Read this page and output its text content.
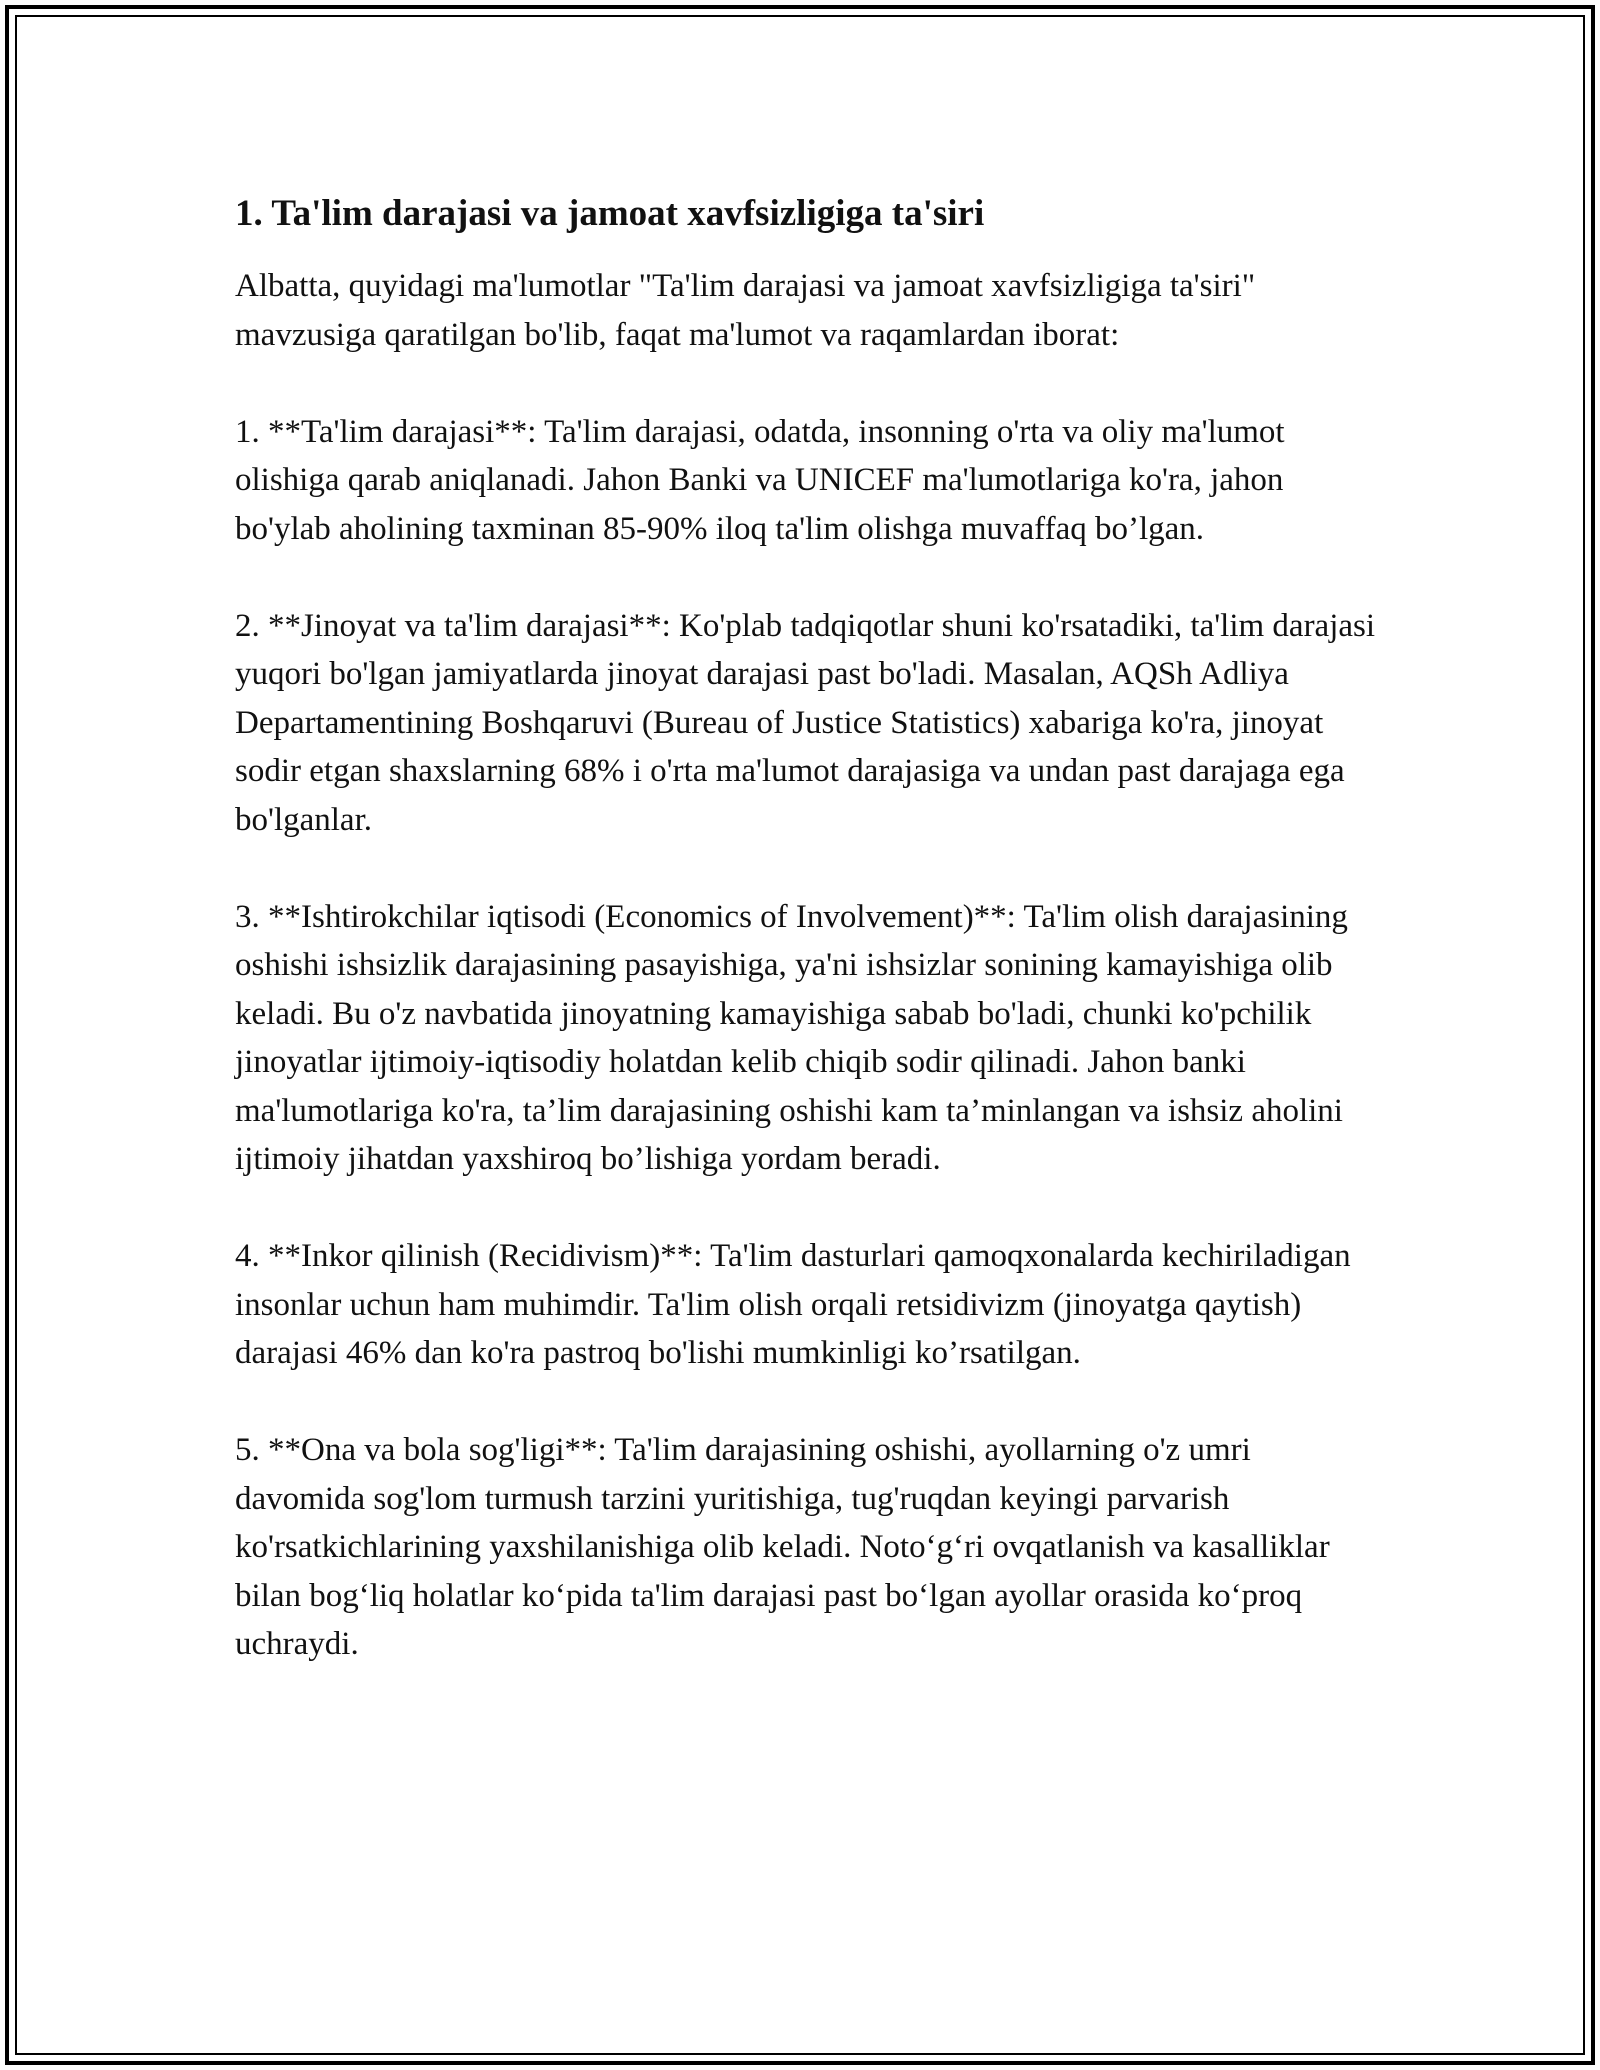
1. Ta'lim darajasi va jamoat xavfsizligiga ta'siri

Albatta, quyidagi ma'lumotlar "Ta'lim darajasi va jamoat xavfsizligiga ta'siri" mavzusiga qaratilgan bo'lib, faqat ma'lumot va raqamlardan iborat:

1. **Ta'lim darajasi**: Ta'lim darajasi, odatda, insonning o'rta va oliy ma'lumot olishiga qarab aniqlanadi. Jahon Banki va UNICEF ma'lumotlariga ko'ra, jahon bo'ylab aholining taxminan 85-90% iloq ta'lim olishga muvaffaq bo’lgan.

2. **Jinoyat va ta'lim darajasi**: Ko'plab tadqiqotlar shuni ko'rsatadiki, ta'lim darajasi yuqori bo'lgan jamiyatlarda jinoyat darajasi past bo'ladi. Masalan, AQSh Adliya Departamentining Boshqaruvi (Bureau of Justice Statistics) xabariga ko'ra, jinoyat sodir etgan shaxslarning 68% i o'rta ma'lumot darajasiga va undan past darajaga ega bo'lganlar.

3. **Ishtirokchilar iqtisodi (Economics of Involvement)**: Ta'lim olish darajasining oshishi ishsizlik darajasining pasayishiga, ya'ni ishsizlar sonining kamayishiga olib keladi. Bu o'z navbatida jinoyatning kamayishiga sabab bo'ladi, chunki ko'pchilik jinoyatlar ijtimoiy-iqtisodiy holatdan kelib chiqib sodir qilinadi. Jahon banki ma'lumotlariga ko'ra, ta’lim darajasining oshishi kam ta’minlangan va ishsiz aholini ijtimoiy jihatdan yaxshiroq bo’lishiga yordam beradi.

4. **Inkor qilinish (Recidivism)**: Ta'lim dasturlari qamoqxonalarda kechiriladigan insonlar uchun ham muhimdir. Ta'lim olish orqali retsidivizm (jinoyatga qaytish) darajasi 46% dan ko'ra pastroq bo'lishi mumkinligi ko’rsatilgan.

5. **Ona va bola sog'ligi**: Ta'lim darajasining oshishi, ayollarning o'z umri davomida sog'lom turmush tarzini yuritishiga, tug'ruqdan keyingi parvarish ko'rsatkichlarining yaxshilanishiga olib keladi. Noto‘g‘ri ovqatlanish va kasalliklar bilan bog‘liq holatlar ko‘pida ta'lim darajasi past bo‘lgan ayollar orasida ko‘proq uchraydi.
